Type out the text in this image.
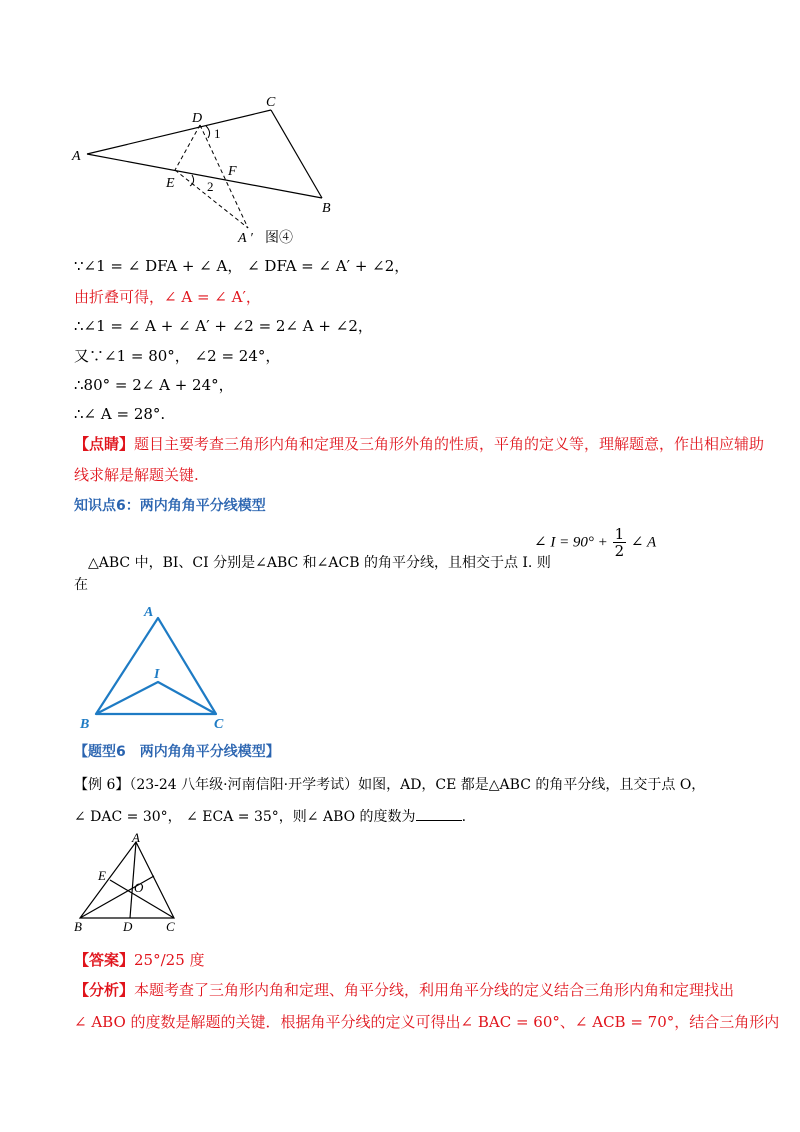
D
C
A
1
F
E 2
B
A ′ 图④
∵∠1 = ∠ DFA + ∠ A， ∠ DFA = ∠ A′ + ∠2，
由折叠可得，∠ A = ∠ A′，
∴∠1 = ∠ A + ∠ A′ + ∠2 = 2∠ A + ∠2，
又∵∠1 = 80°， ∠2 = 24°，
∴80° = 2∠ A + 24°，
∴∠ A = 28°.
【点睛】题目主要考查三角形内角和定理及三角形外角的性质，平角的定义等，理解题意，作出相应辅助
线求解是解题关键.
知识点6：两内角角平分线模型
∠ $I = 90^\circ + \frac{1}{2}$ ∠ A
△ABC 中，BI、CI 分别是∠ABC 和∠ACB 的角平分线，且相交于点 I. 则
在
A
I
B	C
【题型6　两内角角平分线模型】
【例 6】（23-24 八年级·河南信阳·开学考试）如图，AD，CE 都是△ABC 的角平分线，且交于点 O，
∠ DAC = 30°， ∠ ECA = 35°，则∠ ABO 的度数为	.
A
E
O
B	D	C
【答案】25°/25 度
【分析】本题考查了三角形内角和定理、角平分线，利用角平分线的定义结合三角形内角和定理找出
∠ ABO 的度数是解题的关键．根据角平分线的定义可得出∠ BAC = 60°、∠ ACB = 70°，结合三角形内
